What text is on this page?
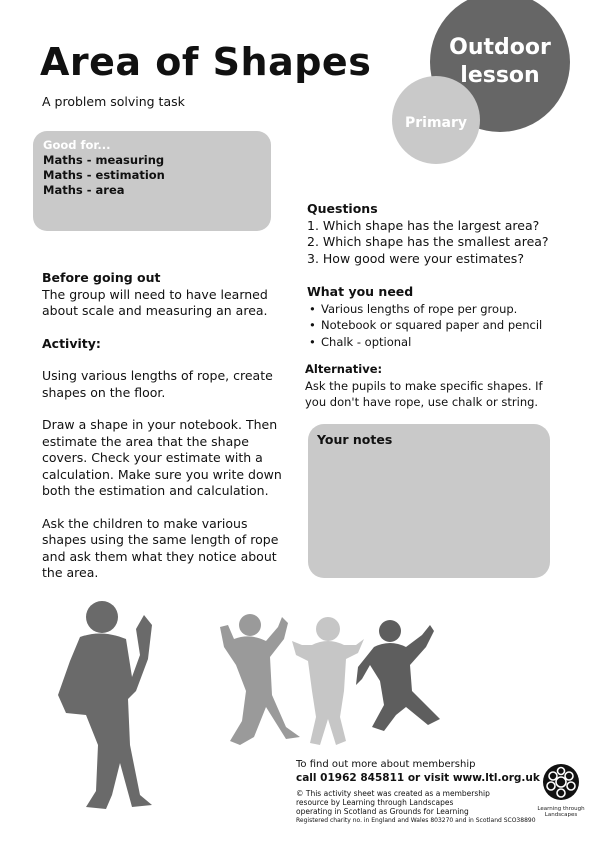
Outdoor
lesson
Primary
Area of Shapes
A problem solving task
Good for...
Maths - measuring
Maths - estimation
Maths - area

Before going out

The group will need to have learned about scale and measuring an area.

Activity:

Using various lengths of rope, create shapes on the floor.

Draw a shape in your notebook. Then estimate the area that the shape covers. Check your estimate with a calculation. Make sure you write down both the estimation and calculation.

Ask the children to make various shapes using the same length of rope and ask them what they notice about the area.

Questions
1. Which shape has the largest area?
2. Which shape has the smallest area?
3. How good were your estimates?
What you need
• Various lengths of rope per group.
• Notebook or squared paper and pencil
• Chalk - optional
Alternative:
Ask the pupils to make specific shapes. If you don't have rope, use chalk or string.
Your notes
To find out more about membership
call 01962 845811 or visit www.ltl.org.uk
© This activity sheet was created as a membership
resource by Learning through Landscapes
operating in Scotland as Grounds for Learning
Registered charity no. in England and Wales 803270 and in Scotland SCO38890
Learning through Landscapes
